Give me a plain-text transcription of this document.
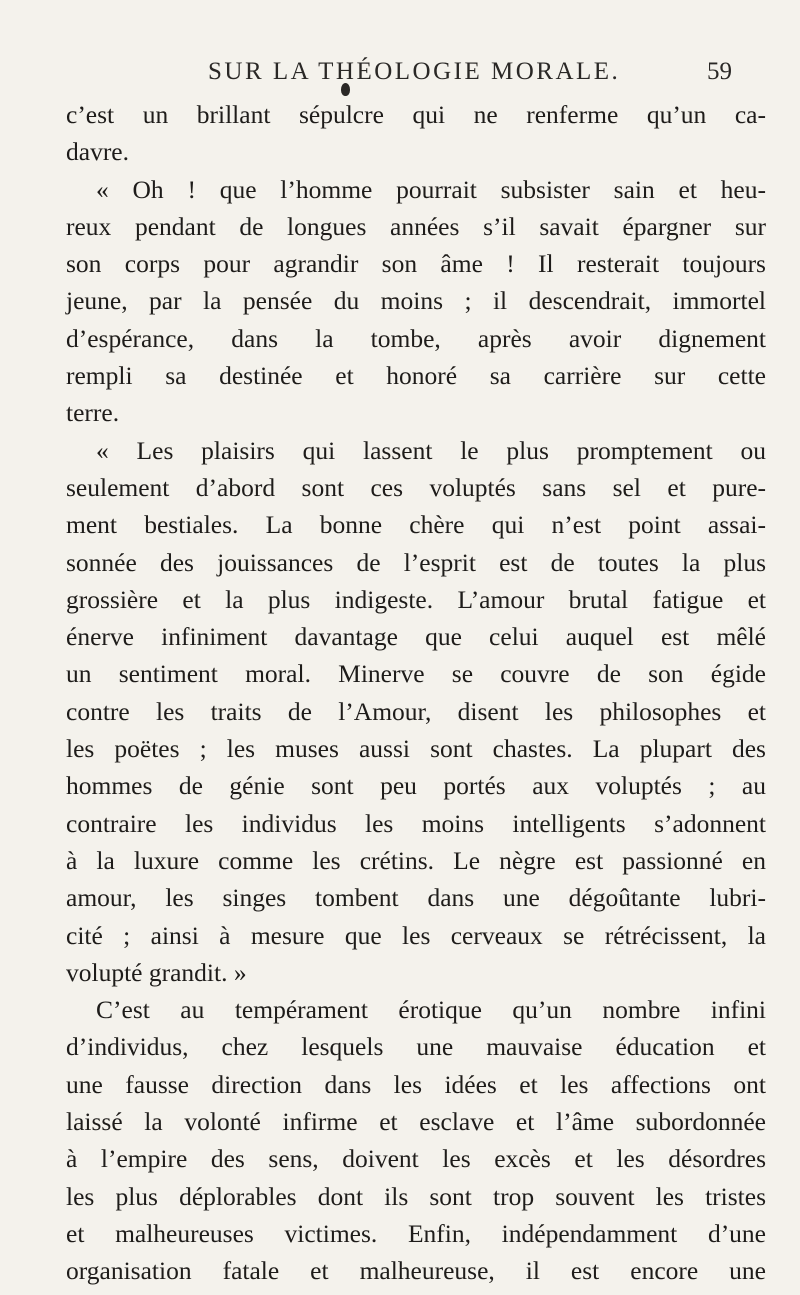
SUR LA THÉOLOGIE MORALE.	59
c’est un brillant sépulcre qui ne renferme qu’un ca-
davre.
« Oh ! que l’homme pourrait subsister sain et heu-
reux pendant de longues années s’il savait épargner sur
son corps pour agrandir son âme ! Il resterait toujours
jeune, par la pensée du moins ; il descendrait, immortel
d’espérance, dans la tombe, après avoir dignement
rempli sa destinée et honoré sa carrière sur cette
terre.
« Les plaisirs qui lassent le plus promptement ou
seulement d’abord sont ces voluptés sans sel et pure-
ment bestiales. La bonne chère qui n’est point assai-
sonnée des jouissances de l’esprit est de toutes la plus
grossière et la plus indigeste. L’amour brutal fatigue et
énerve infiniment davantage que celui auquel est mêlé
un sentiment moral. Minerve se couvre de son égide
contre les traits de l’Amour, disent les philosophes et
les poëtes ; les muses aussi sont chastes. La plupart des
hommes de génie sont peu portés aux voluptés ; au
contraire les individus les moins intelligents s’adonnent
à la luxure comme les crétins. Le nègre est passionné en
amour, les singes tombent dans une dégoûtante lubri-
cité ; ainsi à mesure que les cerveaux se rétrécissent, la
volupté grandit. »
C’est au tempérament érotique qu’un nombre infini
d’individus, chez lesquels une mauvaise éducation et
une fausse direction dans les idées et les affections ont
laissé la volonté infirme et esclave et l’âme subordonnée
à l’empire des sens, doivent les excès et les désordres
les plus déplorables dont ils sont trop souvent les tristes
et malheureuses victimes. Enfin, indépendamment d’une
organisation fatale et malheureuse, il est encore une
